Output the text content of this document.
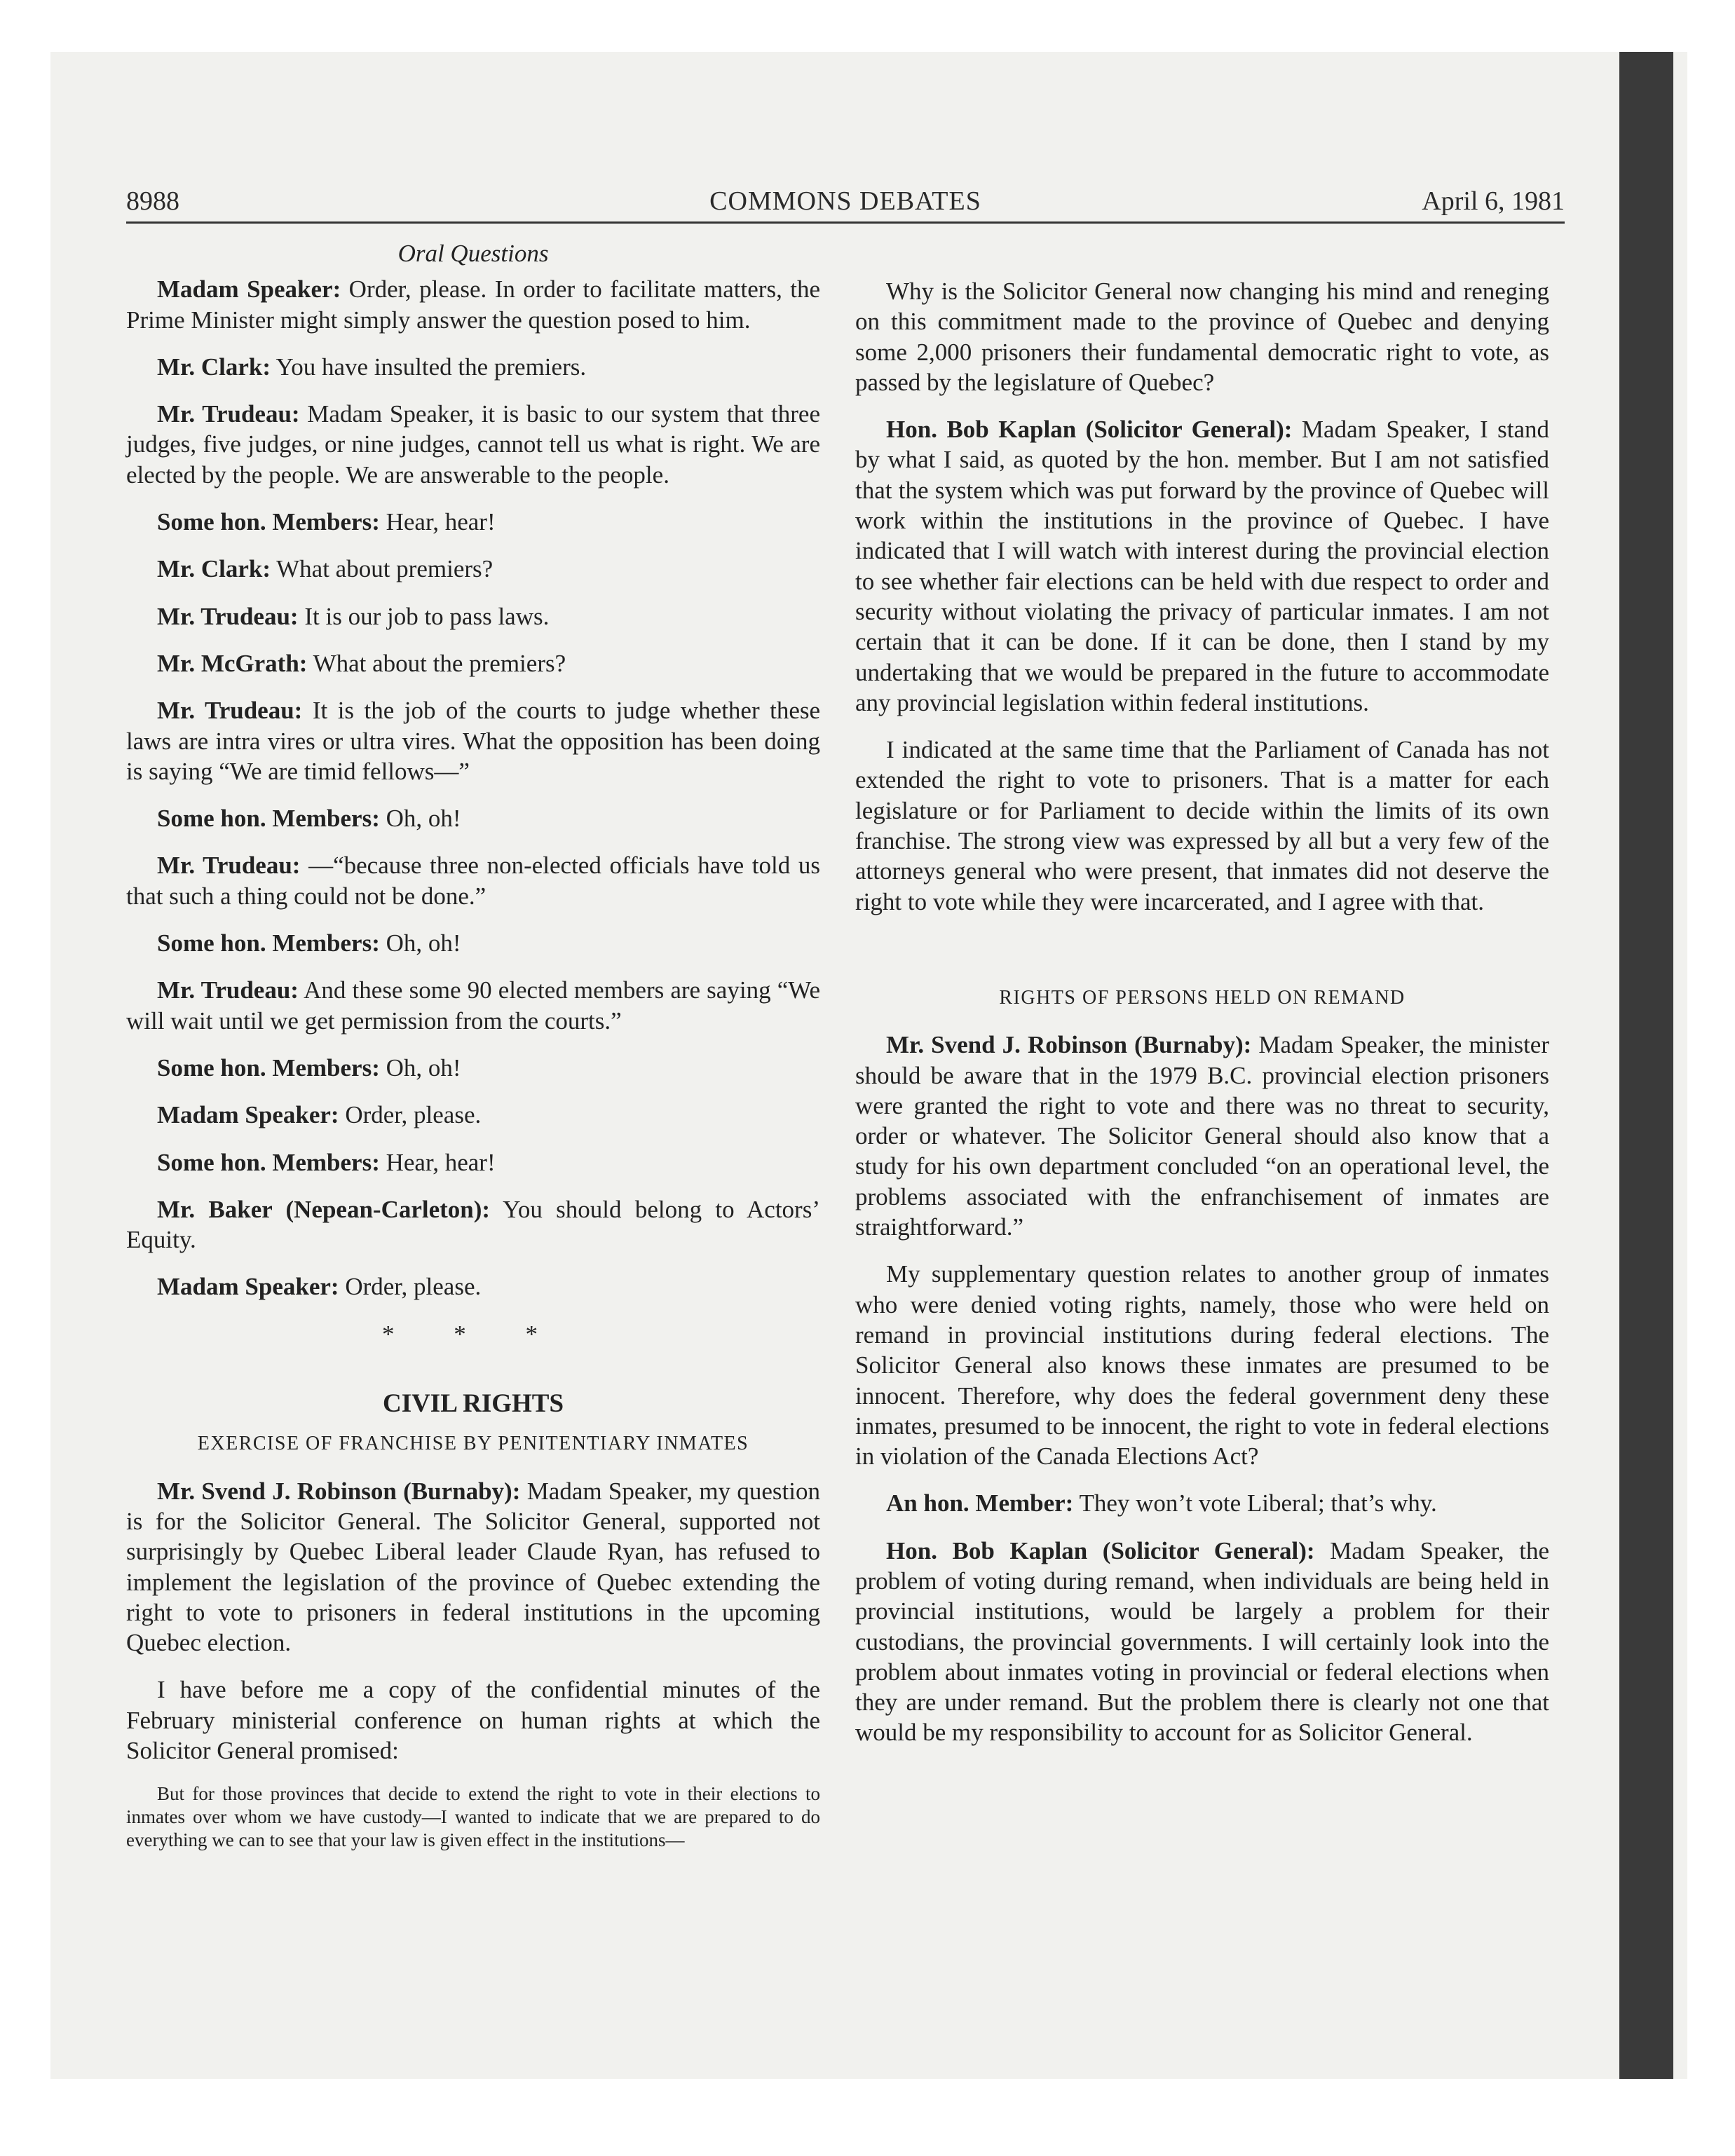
8988	COMMONS DEBATES	April 6, 1981
Oral Questions

Madam Speaker: Order, please. In order to facilitate matters, the Prime Minister might simply answer the question posed to him.

Mr. Clark: You have insulted the premiers.

Mr. Trudeau: Madam Speaker, it is basic to our system that three judges, five judges, or nine judges, cannot tell us what is right. We are elected by the people. We are answerable to the people.

Some hon. Members: Hear, hear!

Mr. Clark: What about premiers?

Mr. Trudeau: It is our job to pass laws.

Mr. McGrath: What about the premiers?

Mr. Trudeau: It is the job of the courts to judge whether these laws are intra vires or ultra vires. What the opposition has been doing is saying “We are timid fellows—”

Some hon. Members: Oh, oh!

Mr. Trudeau: —“because three non-elected officials have told us that such a thing could not be done.”

Some hon. Members: Oh, oh!

Mr. Trudeau: And these some 90 elected members are saying “We will wait until we get permission from the courts.”

Some hon. Members: Oh, oh!

Madam Speaker: Order, please.

Some hon. Members: Hear, hear!

Mr. Baker (Nepean-Carleton): You should belong to Actors’ Equity.

Madam Speaker: Order, please.

* * *
CIVIL RIGHTS
EXERCISE OF FRANCHISE BY PENITENTIARY INMATES

Mr. Svend J. Robinson (Burnaby): Madam Speaker, my question is for the Solicitor General. The Solicitor General, supported not surprisingly by Quebec Liberal leader Claude Ryan, has refused to implement the legislation of the province of Quebec extending the right to vote to prisoners in federal institutions in the upcoming Quebec election.

I have before me a copy of the confidential minutes of the February ministerial conference on human rights at which the Solicitor General promised:

But for those provinces that decide to extend the right to vote in their elections to inmates over whom we have custody—I wanted to indicate that we are prepared to do everything we can to see that your law is given effect in the institutions—

Why is the Solicitor General now changing his mind and reneging on this commitment made to the province of Quebec and denying some 2,000 prisoners their fundamental democratic right to vote, as passed by the legislature of Quebec?

Hon. Bob Kaplan (Solicitor General): Madam Speaker, I stand by what I said, as quoted by the hon. member. But I am not satisfied that the system which was put forward by the province of Quebec will work within the institutions in the province of Quebec. I have indicated that I will watch with interest during the provincial election to see whether fair elections can be held with due respect to order and security without violating the privacy of particular inmates. I am not certain that it can be done. If it can be done, then I stand by my undertaking that we would be prepared in the future to accommodate any provincial legislation within federal institutions.

I indicated at the same time that the Parliament of Canada has not extended the right to vote to prisoners. That is a matter for each legislature or for Parliament to decide within the limits of its own franchise. The strong view was expressed by all but a very few of the attorneys general who were present, that inmates did not deserve the right to vote while they were incarcerated, and I agree with that.

RIGHTS OF PERSONS HELD ON REMAND

Mr. Svend J. Robinson (Burnaby): Madam Speaker, the minister should be aware that in the 1979 B.C. provincial election prisoners were granted the right to vote and there was no threat to security, order or whatever. The Solicitor General should also know that a study for his own department concluded “on an operational level, the problems associated with the enfranchisement of inmates are straightforward.”

My supplementary question relates to another group of inmates who were denied voting rights, namely, those who were held on remand in provincial institutions during federal elections. The Solicitor General also knows these inmates are presumed to be innocent. Therefore, why does the federal government deny these inmates, presumed to be innocent, the right to vote in federal elections in violation of the Canada Elections Act?

An hon. Member: They won’t vote Liberal; that’s why.

Hon. Bob Kaplan (Solicitor General): Madam Speaker, the problem of voting during remand, when individuals are being held in provincial institutions, would be largely a problem for their custodians, the provincial governments. I will certainly look into the problem about inmates voting in provincial or federal elections when they are under remand. But the problem there is clearly not one that would be my responsibility to account for as Solicitor General.
